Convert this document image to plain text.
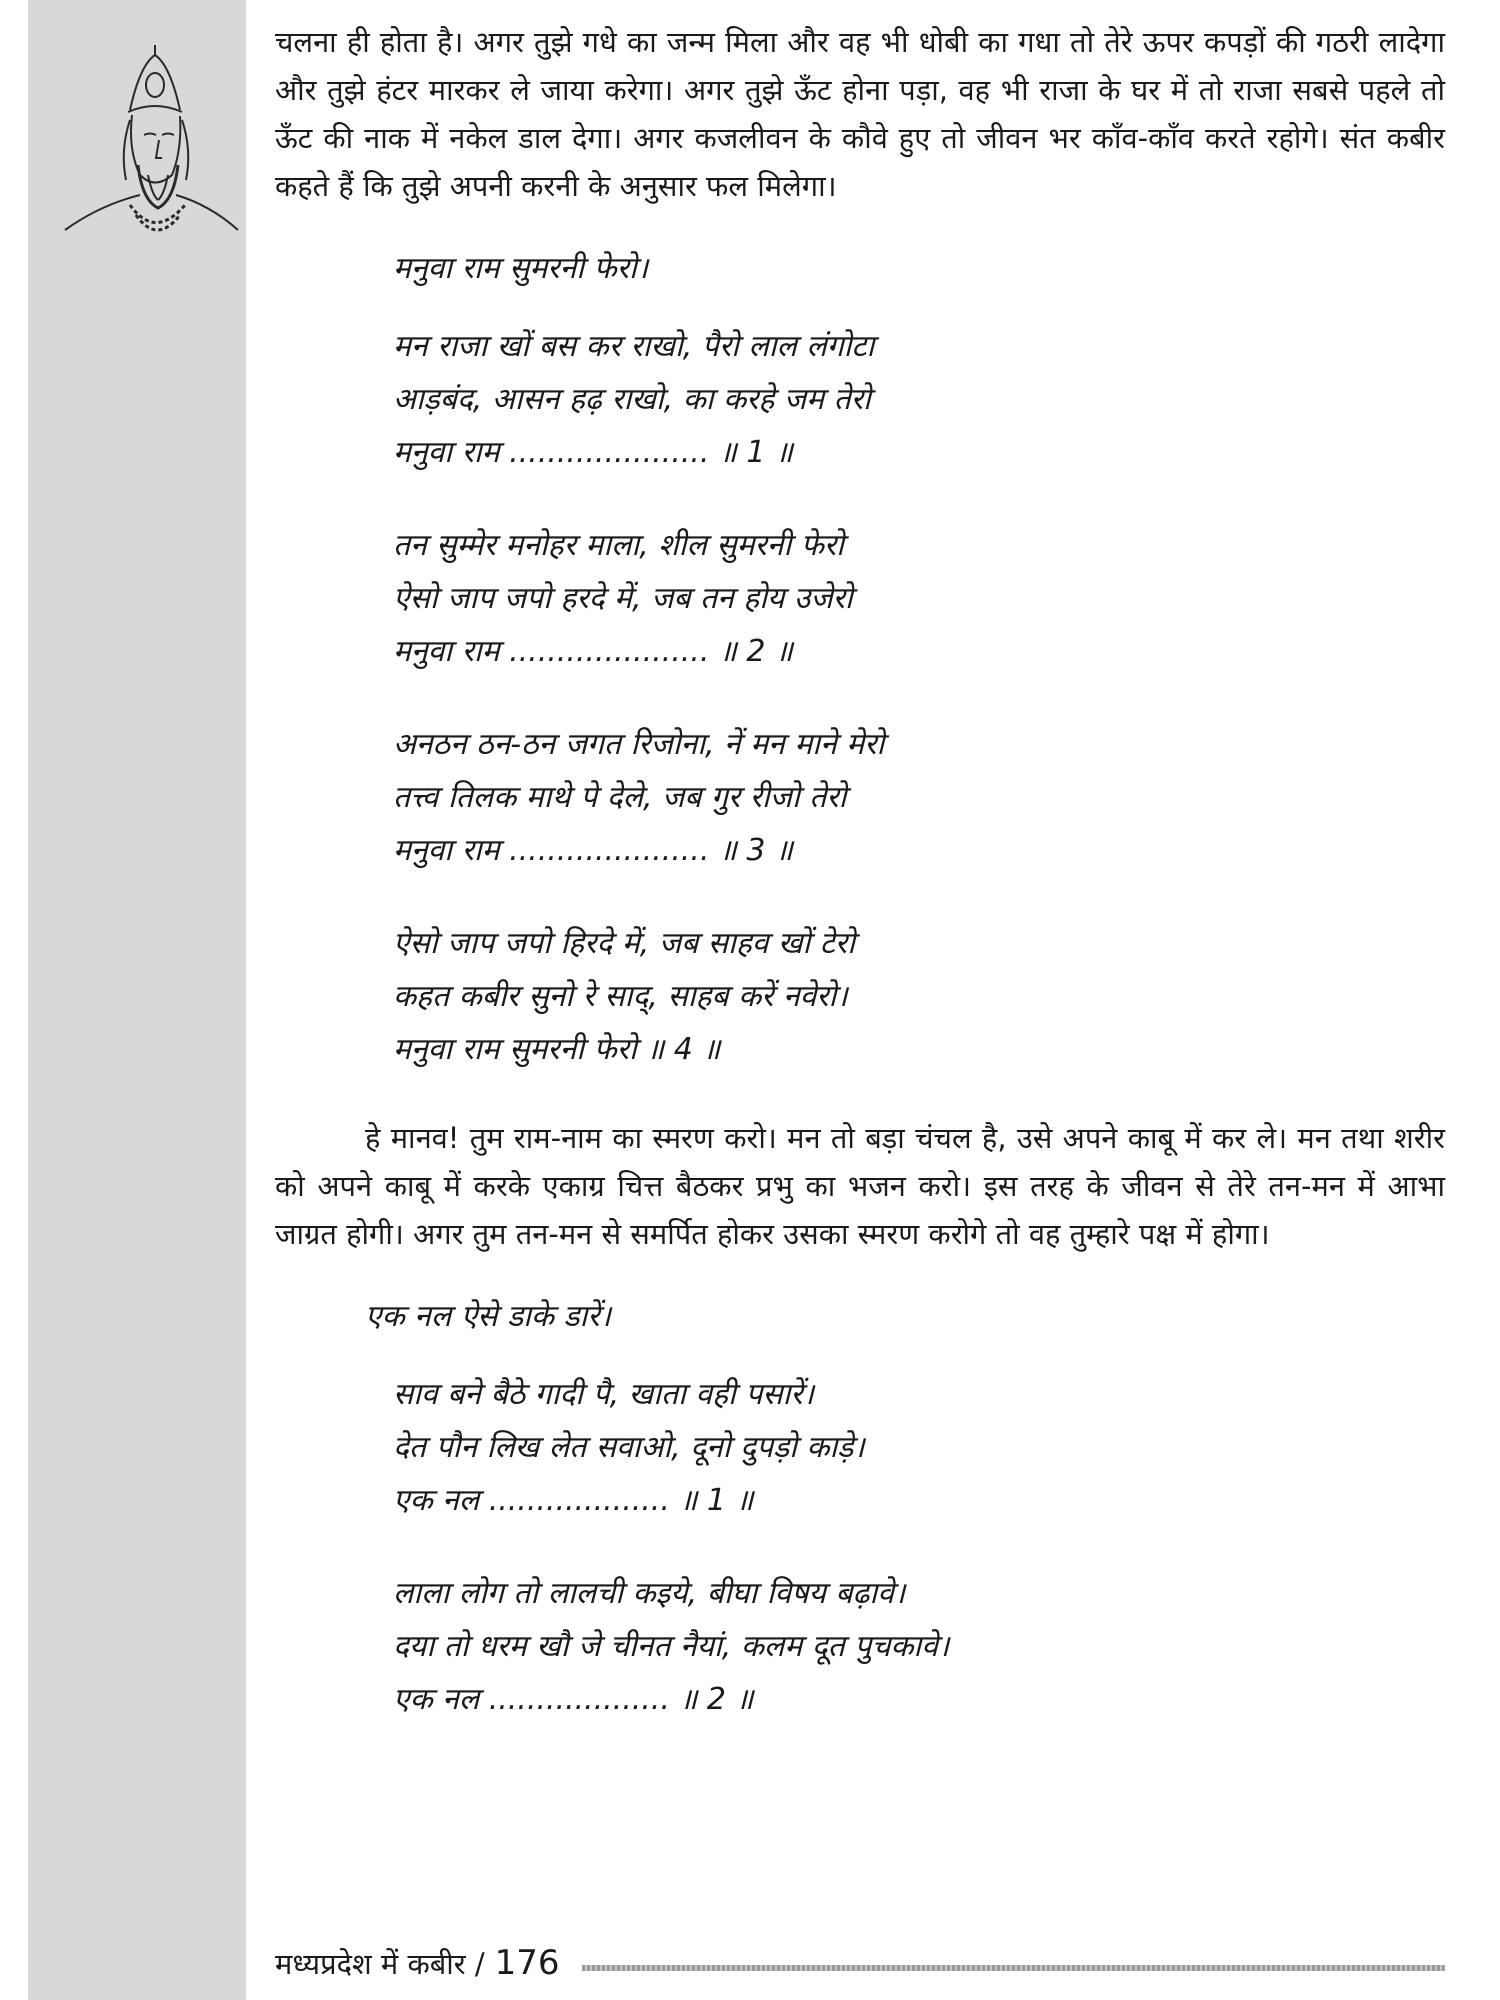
चलना ही होता है। अगर तुझे गधे का जन्म मिला और वह भी धोबी का गधा तो तेरे ऊपर कपड़ों की गठरी लादेगा और तुझे हंटर मारकर ले जाया करेगा। अगर तुझे ऊँट होना पड़ा, वह भी राजा के घर में तो राजा सबसे पहले तो ऊँट की नाक में नकेल डाल देगा। अगर कजलीवन के कौवे हुए तो जीवन भर काँव-काँव करते रहोगे। संत कबीर कहते हैं कि तुझे अपनी करनी के अनुसार फल मिलेगा।

मनुवा राम सुमरनी फेरो।
मन राजा खों बस कर राखो, पैरो लाल लंगोटा
आड़बंद, आसन हढ़ राखो, का करहे जम तेरो
मनुवा राम ..................... ॥ 1 ॥
तन सुम्मेर मनोहर माला, शील सुमरनी फेरो
ऐसो जाप जपो हरदे में, जब तन होय उजेरो
मनुवा राम ..................... ॥ 2 ॥
अनठन ठन-ठन जगत रिजोना, नें मन माने मेरो
तत्त्व तिलक माथे पे देले, जब गुर रीजो तेरो
मनुवा राम ..................... ॥ 3 ॥
ऐसो जाप जपो हिरदे में, जब साहव खों टेरो
कहत कबीर सुनो रे साद्, साहब करें नवेरो।
मनुवा राम सुमरनी फेरो ॥ 4 ॥

हे मानव! तुम राम-नाम का स्मरण करो। मन तो बड़ा चंचल है, उसे अपने काबू में कर ले। मन तथा शरीर को अपने काबू में करके एकाग्र चित्त बैठकर प्रभु का भजन करो। इस तरह के जीवन से तेरे तन-मन में आभा जाग्रत होगी। अगर तुम तन-मन से समर्पित होकर उसका स्मरण करोगे तो वह तुम्हारे पक्ष में होगा।

एक नल ऐसे डाके डारें।
साव बने बैठे गादी पै, खाता वही पसारें।
देत पौन लिख लेत सवाओ, दूनो दुपड़ो काड़े।
एक नल ................... ॥ 1 ॥
लाला लोग तो लालची कइये, बीघा विषय बढ़ावे।
दया तो धरम खौ जे चीनत नैयां, कलम दूत पुचकावे।
एक नल ................... ॥ 2 ॥
मध्यप्रदेश में कबीर / 176
